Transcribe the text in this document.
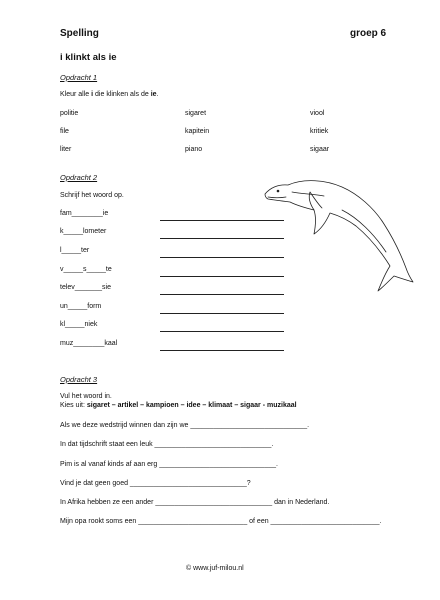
Spelling	groep 6
i klinkt als ie
Opdracht 1
Kleur alle i die klinken als de ie.
politie	sigaret	viool
file	kapitein	kritiek
liter	piano	sigaar
Opdracht 2
Schrijf het woord op.
fam________ie
k_____lometer
l_____ter
v_____s_____te
telev_______sie
un_____form
kl_____niek
muz________kaal
Opdracht 3
Vul het woord in.
Kies uit: sigaret – artikel – kampioen – idee – klimaat – sigaar - muzikaal
Als we deze wedstrijd winnen dan zijn we ______________________________.
In dat tijdschrift staat een leuk ______________________________.
Pim is al vanaf kinds af aan erg ______________________________.
Vind je dat geen goed ______________________________?
In Afrika hebben ze een ander ______________________________ dan in Nederland.
Mijn opa rookt soms een ____________________________ of een ____________________________.
© www.juf-milou.nl
